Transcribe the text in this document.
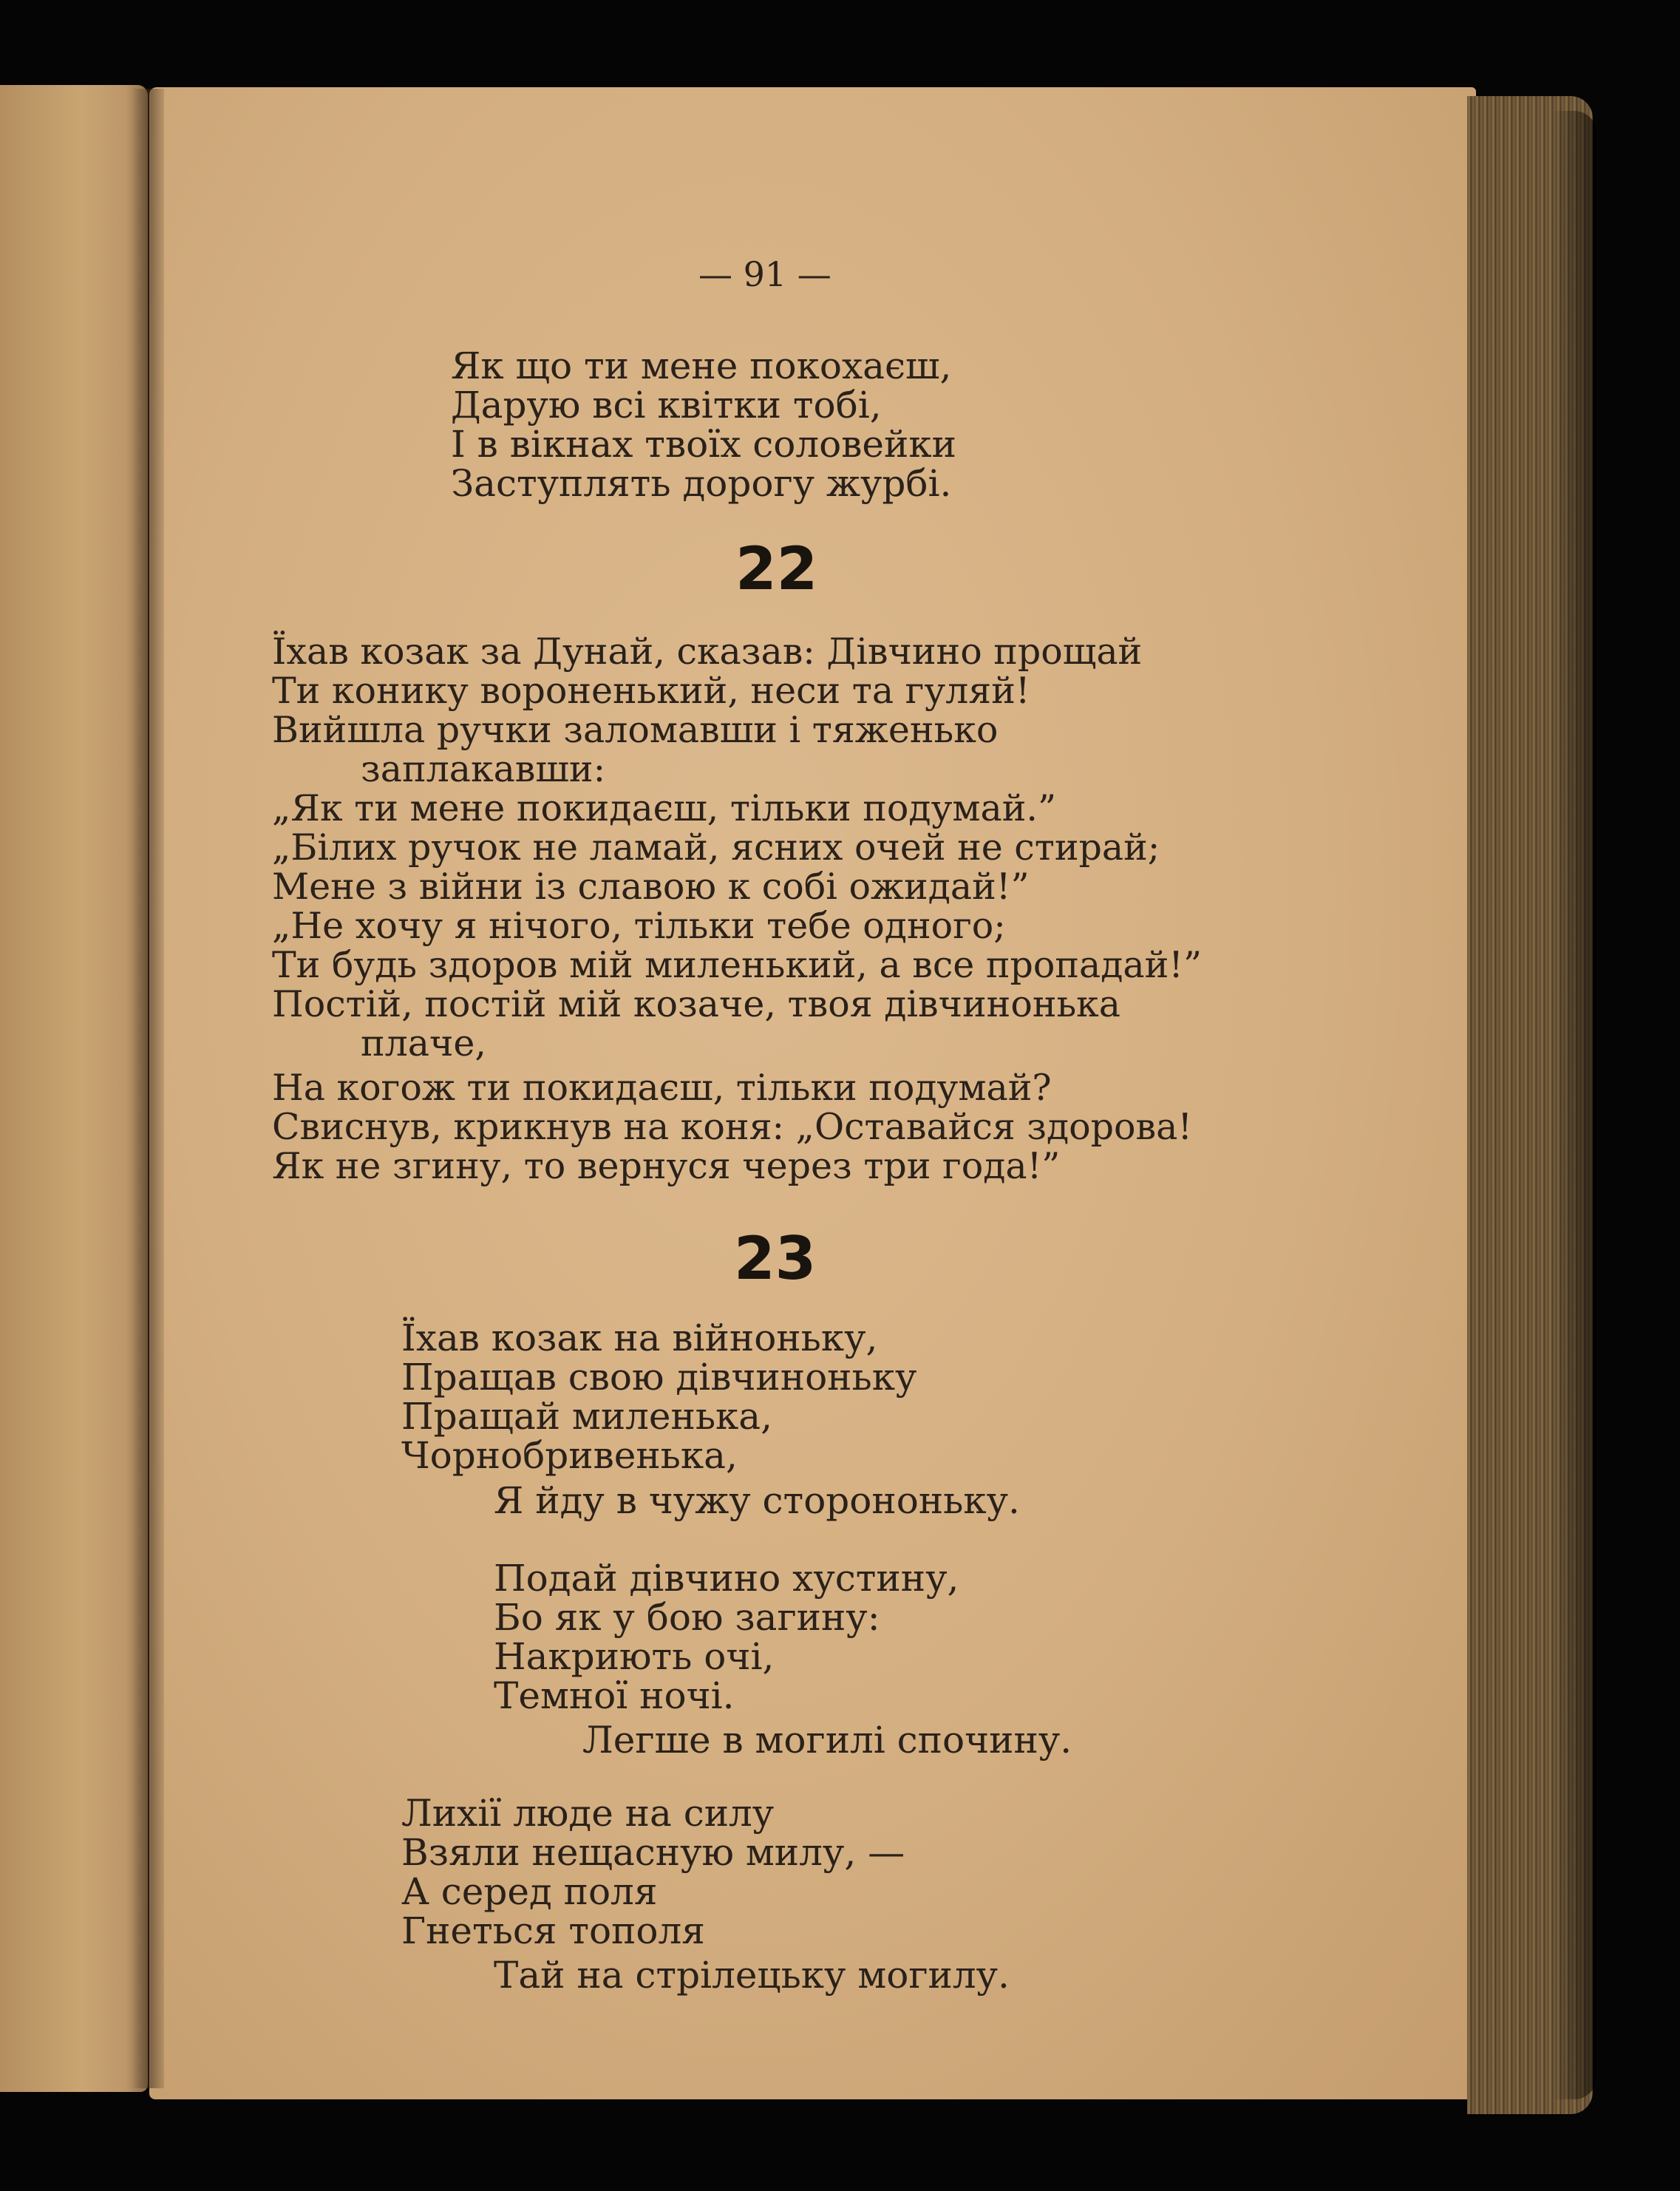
— 91 —
Як що ти мене покохаєш,
Дарую всі квітки тобі,
І в вікнах твоїх соловейки
Заступлять дорогу журбі.
22
Їхав козак за Дунай, сказав: Дівчино прощай
Ти конику вороненький, неси та гуляй!
Вийшла ручки заломавши і тяженько
заплакавши:
„Як ти мене покидаєш, тільки подумай.”
„Білих ручок не ламай, ясних очей не стирай;
Мене з війни із славою к собі ожидай!”
„Не хочу я нічого, тільки тебе одного;
Ти будь здоров мій миленький, а все пропадай!”
Постій, постій мій козаче, твоя дівчинонька
плаче,
На когож ти покидаєш, тільки подумай?
Свиснув, крикнув на коня: „Оставайся здорова!
Як не згину, то вернуся через три года!”
23
Їхав козак на війноньку,
Пращав свою дівчиноньку
Пращай миленька,
Чорнобривенька,
Я йду в чужу сторононьку.
Подай дівчино хустину,
Бо як у бою загину:
Накриють очі,
Темної ночі.
Легше в могилі спочину.
Лихії люде на силу
Взяли нещасную милу, —
А серед поля
Гнеться тополя
Тай на стрілецьку могилу.
